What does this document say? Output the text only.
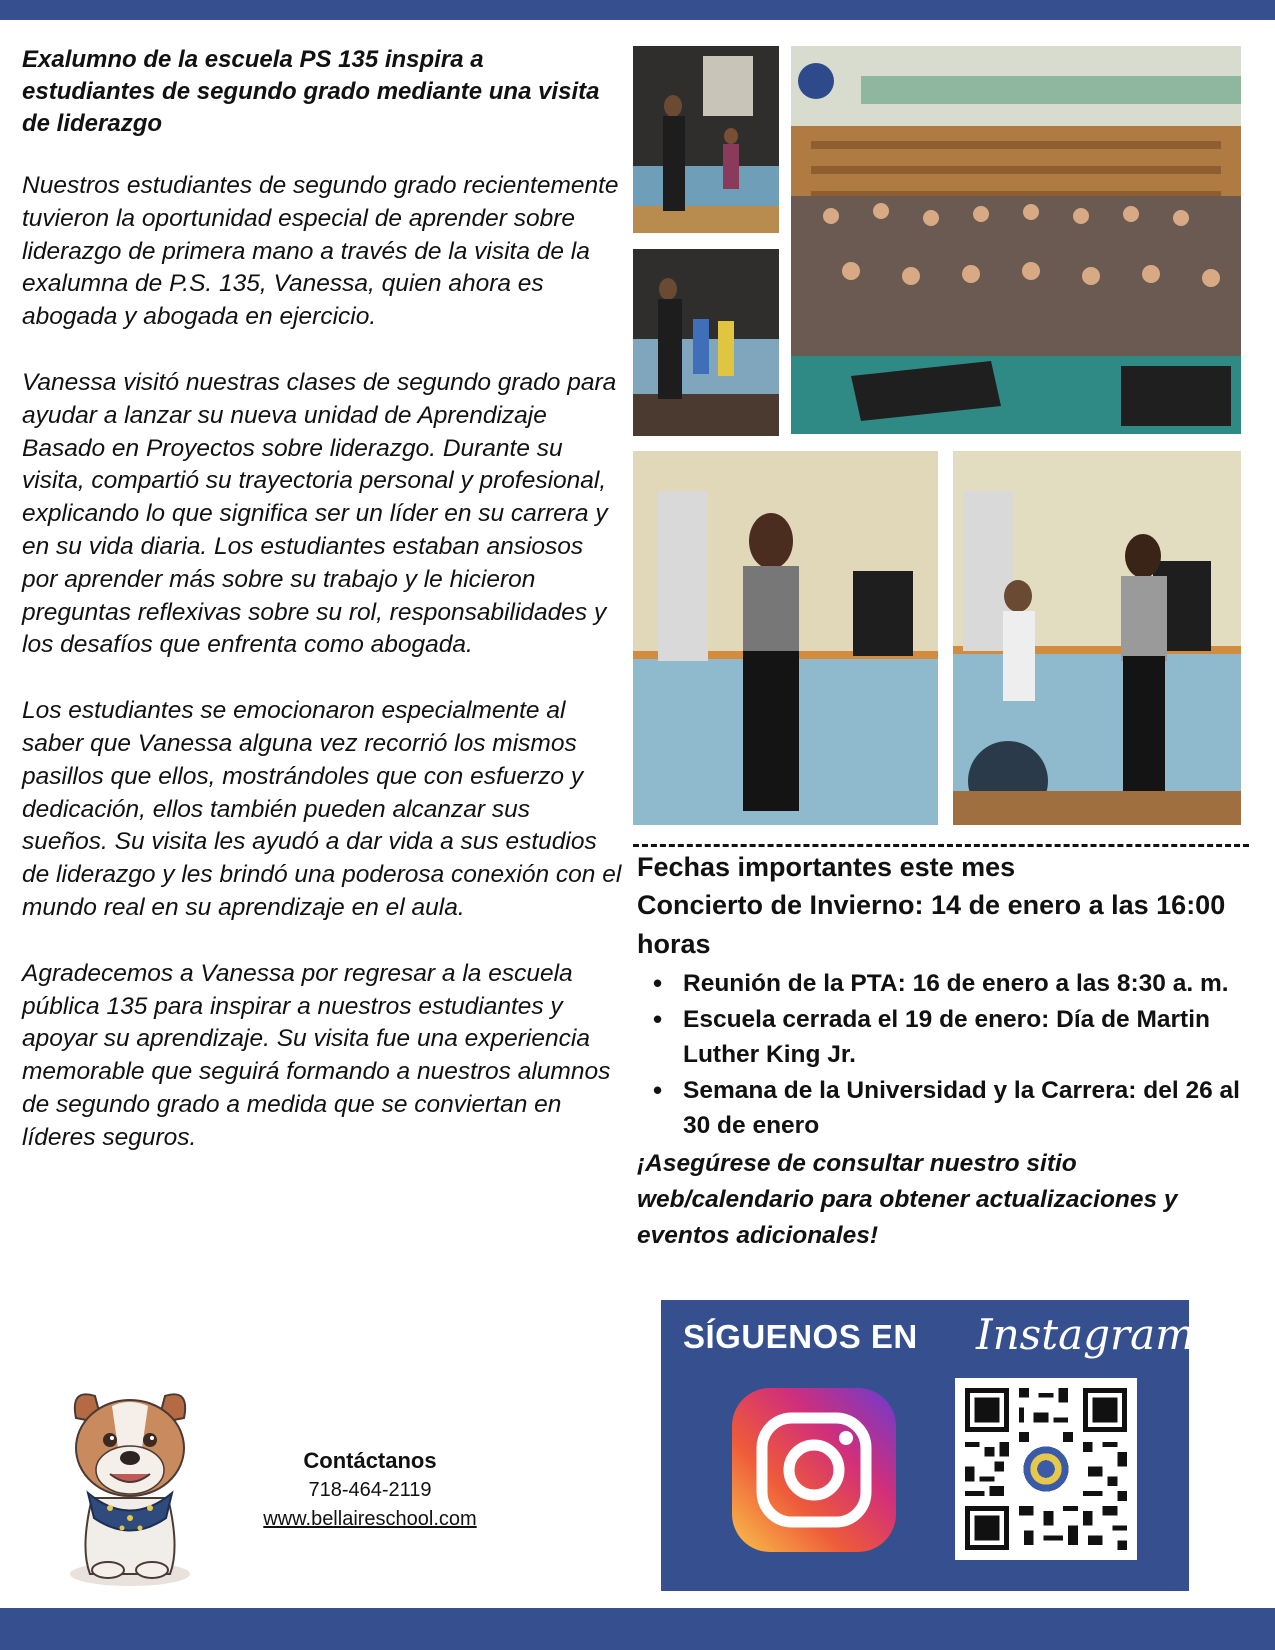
Exalumno de la escuela PS 135 inspira a estudiantes de segundo grado mediante una visita de liderazgo

Nuestros estudiantes de segundo grado recientemente tuvieron la oportunidad especial de aprender sobre liderazgo de primera mano a través de la visita de la exalumna de P.S. 135, Vanessa, quien ahora es abogada y abogada en ejercicio.

Vanessa visitó nuestras clases de segundo grado para ayudar a lanzar su nueva unidad de Aprendizaje Basado en Proyectos sobre liderazgo. Durante su visita, compartió su trayectoria personal y profesional, explicando lo que significa ser un líder en su carrera y en su vida diaria. Los estudiantes estaban ansiosos por aprender más sobre su trabajo y le hicieron preguntas reflexivas sobre su rol, responsabilidades y los desafíos que enfrenta como abogada.

Los estudiantes se emocionaron especialmente al saber que Vanessa alguna vez recorrió los mismos pasillos que ellos, mostrándoles que con esfuerzo y dedicación, ellos también pueden alcanzar sus sueños. Su visita les ayudó a dar vida a sus estudios de liderazgo y les brindó una poderosa conexión con el mundo real en su aprendizaje en el aula.

Agradecemos a Vanessa por regresar a la escuela pública 135 para inspirar a nuestros estudiantes y apoyar su aprendizaje. Su visita fue una experiencia memorable que seguirá formando a nuestros alumnos de segundo grado a medida que se conviertan en líderes seguros.

Fechas importantes este mes
Concierto de Invierno: 14 de enero a las 16:00 horas
• Reunión de la PTA: 16 de enero a las 8:30 a. m.
• Escuela cerrada el 19 de enero: Día de Martin Luther King Jr.
• Semana de la Universidad y la Carrera: del 26 al 30 de enero
¡Asegúrese de consultar nuestro sitio web/calendario para obtener actualizaciones y eventos adicionales!
SÍGUENOS EN Instagram
Contáctanos
718-464-2119
www.bellaireschool.com
